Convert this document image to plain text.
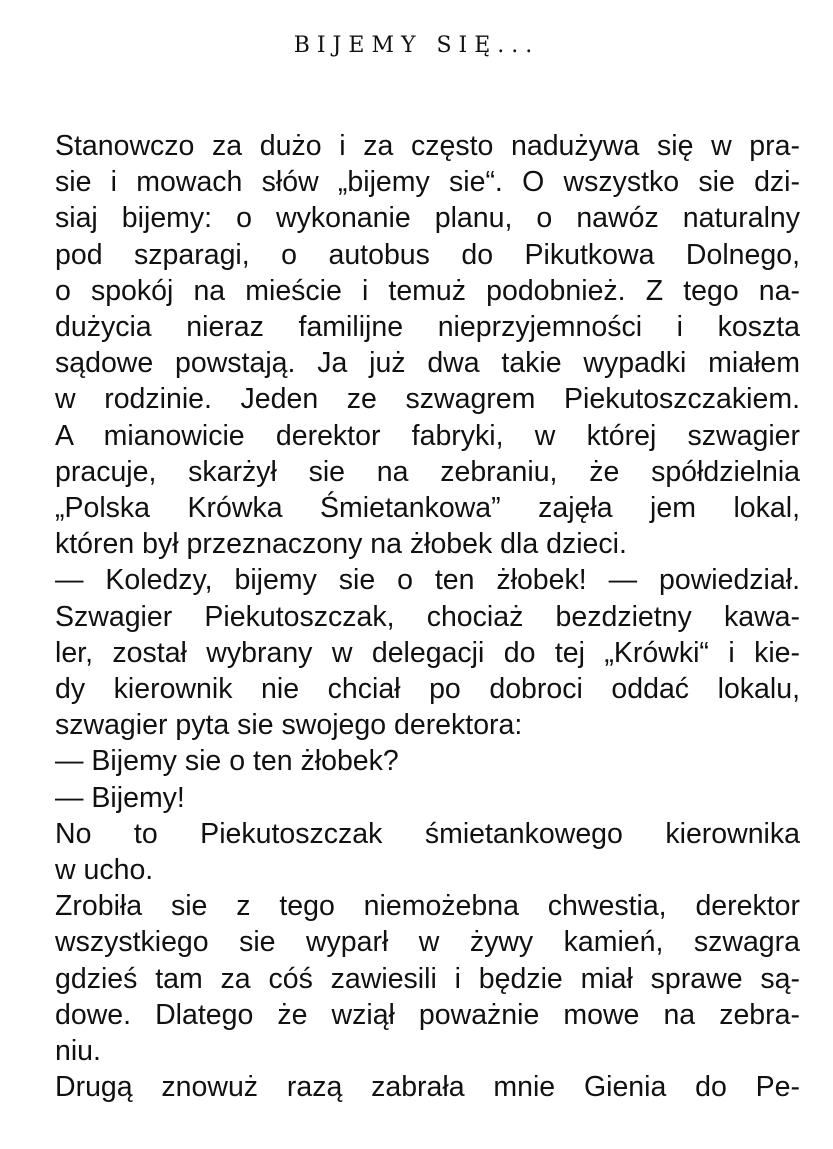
BIJEMY SIĘ...
Stanowczo za dużo i za często nadużywa się w pra-
sie i mowach słów „bijemy sie“. O wszystko sie dzi-
siaj bijemy: o wykonanie planu, o nawóz naturalny
pod szparagi, o autobus do Pikutkowa Dolnego,
o spokój na mieście i temuż podobnież. Z tego na-
dużycia nieraz familijne nieprzyjemności i koszta
sądowe powstają. Ja już dwa takie wypadki miałem
w rodzinie. Jeden ze szwagrem Piekutoszczakiem.
A mianowicie derektor fabryki, w której szwagier
pracuje, skarżył sie na zebraniu, że spółdzielnia
„Polska Krówka Śmietankowa” zajęła jem lokal,
któren był przeznaczony na żłobek dla dzieci.
— Koledzy, bijemy sie o ten żłobek! — powiedział.
Szwagier Piekutoszczak, chociaż bezdzietny kawa-
ler, został wybrany w delegacji do tej „Krówki“ i kie-
dy kierownik nie chciał po dobroci oddać lokalu,
szwagier pyta sie swojego derektora:
— Bijemy sie o ten żłobek?
— Bijemy!
No to Piekutoszczak śmietankowego kierownika
w ucho.
Zrobiła sie z tego niemożebna chwestia, derektor
wszystkiego sie wyparł w żywy kamień, szwagra
gdzieś tam za cóś zawiesili i będzie miał sprawe są-
dowe. Dlatego że wziął poważnie mowe na zebra-
niu.
Drugą znowuż razą zabrała mnie Gienia do Pe-
